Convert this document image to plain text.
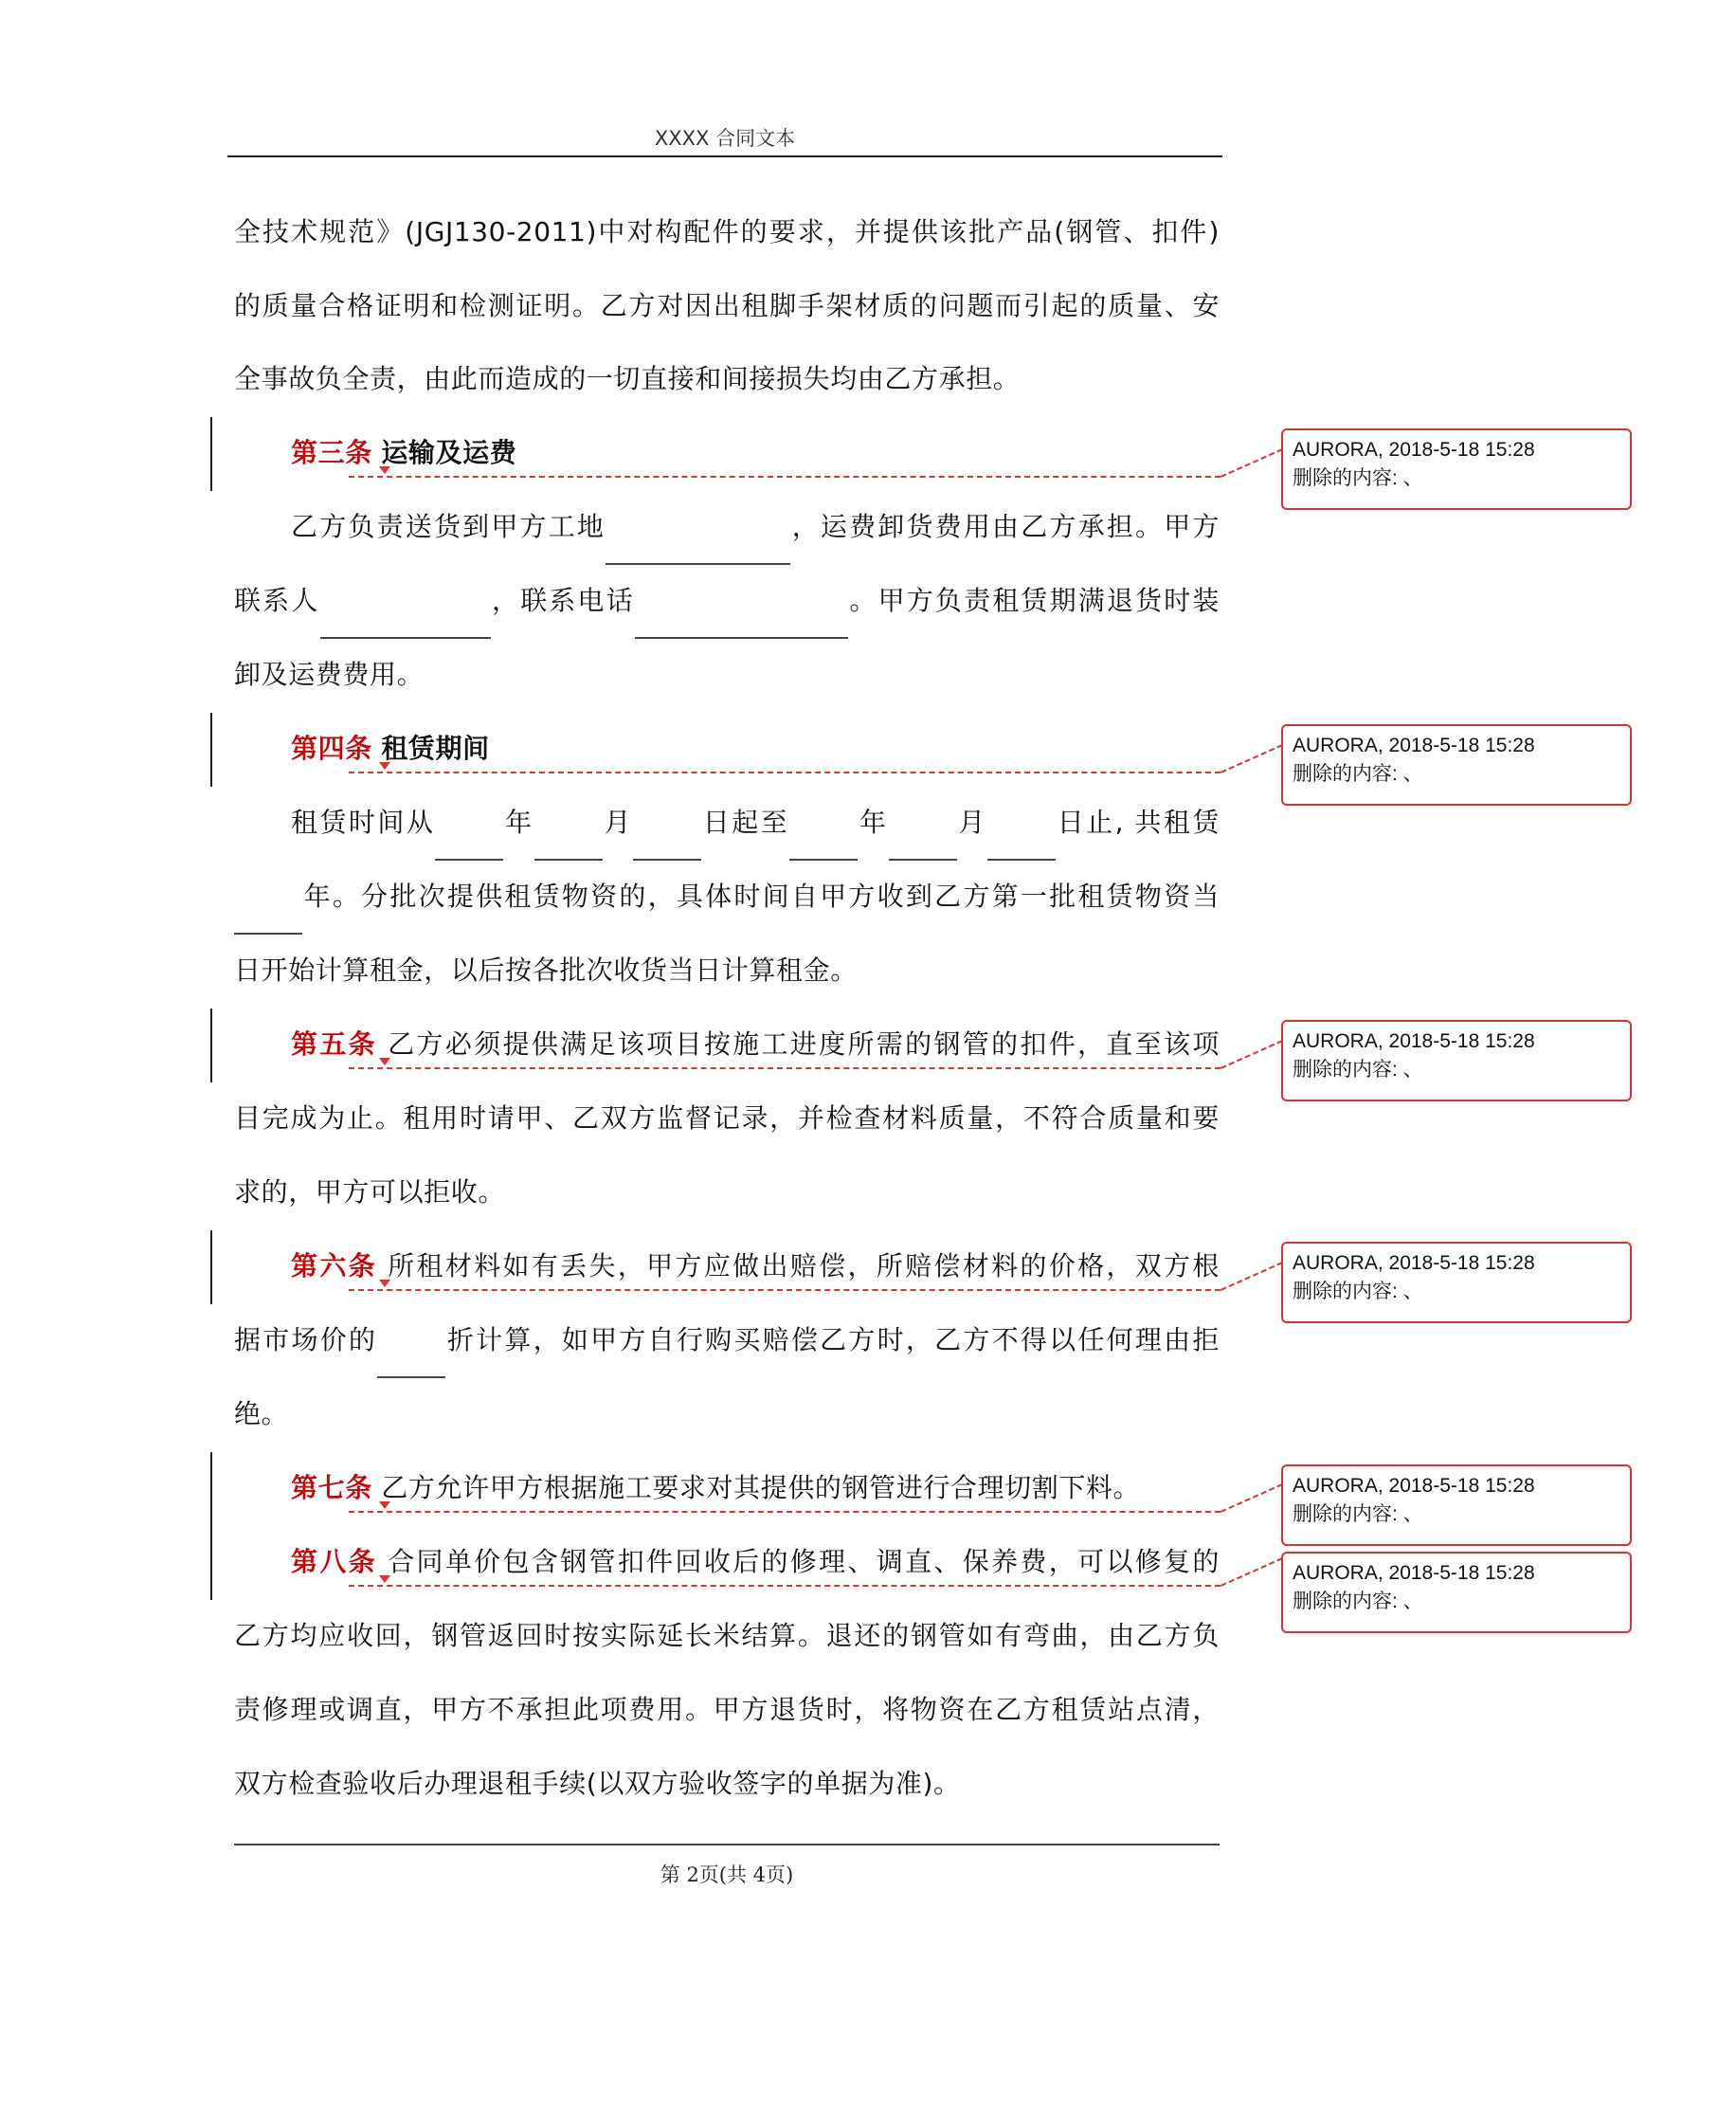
XXXX 合同文本
全技术规范》(JGJ130-2011)中对构配件的要求，并提供该批产品(钢管、扣件)
的质量合格证明和检测证明。乙方对因出租脚手架材质的问题而引起的质量、安
全事故负全责，由此而造成的一切直接和间接损失均由乙方承担。
第三条 运输及运费
乙方负责送货到甲方工地	，运费卸货费用由乙方承担。甲方
联系人	，联系电话	。甲方负责租赁期满退货时装
卸及运费费用。
第四条 租赁期间
租赁时间从	年	月	日起至	年	月	日止, 共租赁
年。分批次提供租赁物资的，具体时间自甲方收到乙方第一批租赁物资当
日开始计算租金，以后按各批次收货当日计算租金。
第五条 乙方必须提供满足该项目按施工进度所需的钢管的扣件，直至该项
目完成为止。租用时请甲、乙双方监督记录，并检查材料质量，不符合质量和要
求的，甲方可以拒收。
第六条 所租材料如有丢失，甲方应做出赔偿，所赔偿材料的价格，双方根
据市场价的	折计算，如甲方自行购买赔偿乙方时，乙方不得以任何理由拒
绝。
第七条 乙方允许甲方根据施工要求对其提供的钢管进行合理切割下料。
第八条 合同单价包含钢管扣件回收后的修理、调直、保养费，可以修复的
乙方均应收回，钢管返回时按实际延长米结算。退还的钢管如有弯曲，由乙方负
责修理或调直，甲方不承担此项费用。甲方退货时，将物资在乙方租赁站点清，
双方检查验收后办理退租手续(以双方验收签字的单据为准)。
AURORA, 2018-5-18 15:28
删除的内容: 、
AURORA, 2018-5-18 15:28
删除的内容: 、
AURORA, 2018-5-18 15:28
删除的内容: 、
AURORA, 2018-5-18 15:28
删除的内容: 、
AURORA, 2018-5-18 15:28
删除的内容: 、
AURORA, 2018-5-18 15:28
删除的内容: 、
第 2页(共 4页)
